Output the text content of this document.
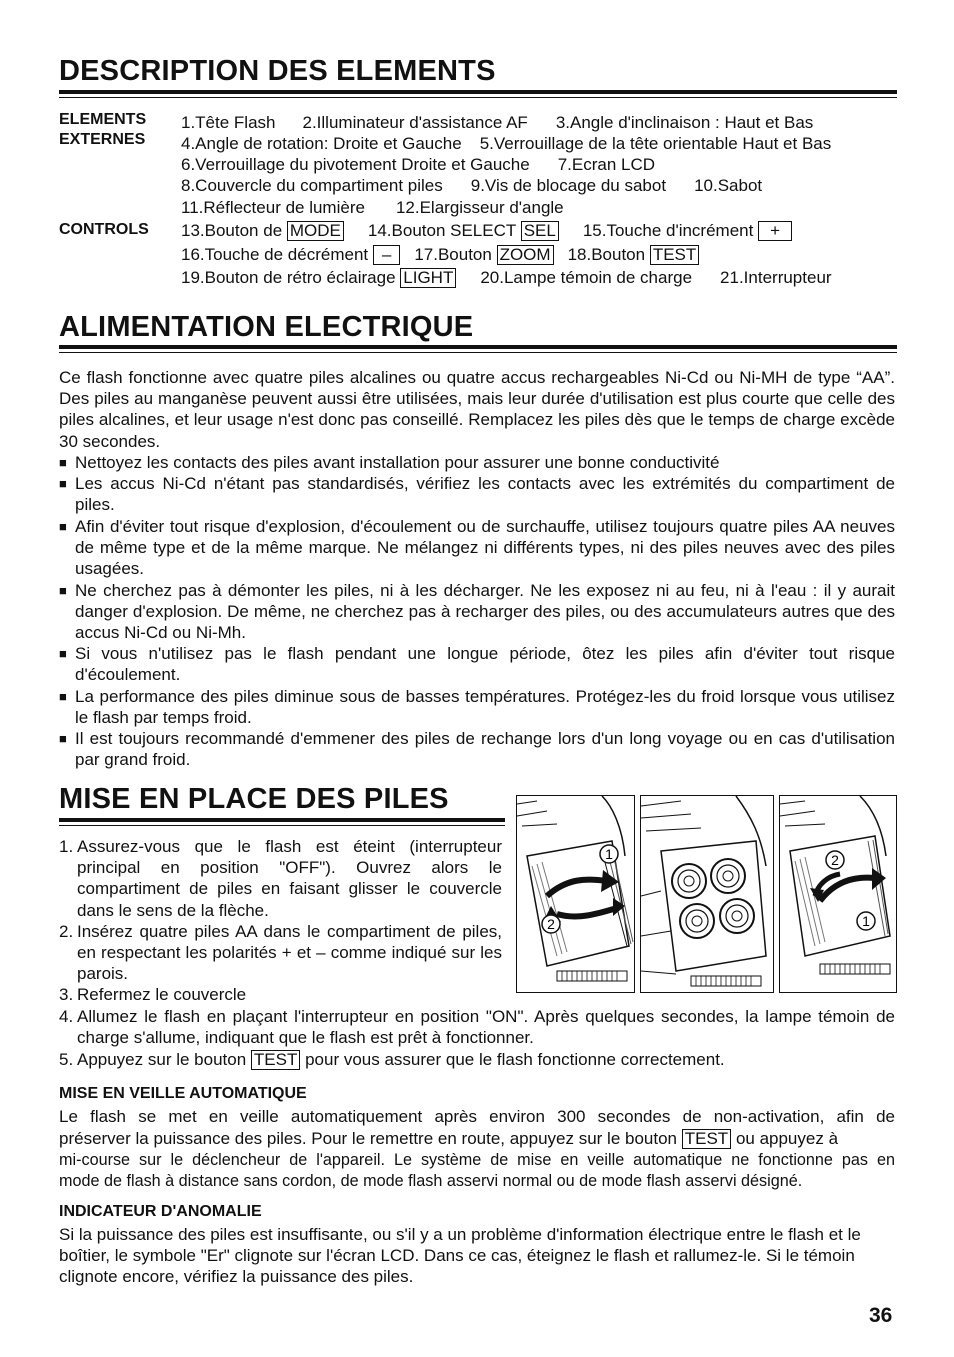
DESCRIPTION DES ELEMENTS
ELEMENTS
EXTERNES
1.Tête Flash 2.Illuminateur d'assistance AF 3.Angle d'inclinaison : Haut et Bas
4.Angle de rotation: Droite et Gauche 5.Verrouillage de la tête orientable Haut et Bas
6.Verrouillage du pivotement Droite et Gauche 7.Ecran LCD
8.Couvercle du compartiment piles 9.Vis de blocage du sabot 10.Sabot
11.Réflecteur de lumière 12.Elargisseur d'angle
CONTROLS 13.Bouton de MODE 14.Bouton SELECT SEL 15.Touche d'incrément +
16.Touche de décrément – 17.Bouton ZOOM 18.Bouton TEST
19.Bouton de rétro éclairage LIGHT 20.Lampe témoin de charge 21.Interrupteur
ALIMENTATION ELECTRIQUE
Ce flash fonctionne avec quatre piles alcalines ou quatre accus rechargeables Ni-Cd ou Ni-MH de type “AA”. Des piles au manganèse peuvent aussi être utilisées, mais leur durée d'utilisation est plus courte que celle des piles alcalines, et leur usage n'est donc pas conseillé. Remplacez les piles dès que le temps de charge excède 30 secondes.
■ Nettoyez les contacts des piles avant installation pour assurer une bonne conductivité
■ Les accus Ni-Cd n'étant pas standardisés, vérifiez les contacts avec les extrémités du compartiment de piles.
■ Afin d'éviter tout risque d'explosion, d'écoulement ou de surchauffe, utilisez toujours quatre piles AA neuves de même type et de la même marque. Ne mélangez ni différents types, ni des piles neuves avec des piles usagées.
■ Ne cherchez pas à démonter les piles, ni à les décharger. Ne les exposez ni au feu, ni à l'eau : il y aurait danger d'explosion. De même, ne cherchez pas à recharger des piles, ou des accumulateurs autres que des accus Ni-Cd ou Ni-Mh.
■ Si vous n'utilisez pas le flash pendant une longue période, ôtez les piles afin d'éviter tout risque d'écoulement.
■ La performance des piles diminue sous de basses températures. Protégez-les du froid lorsque vous utilisez le flash par temps froid.
■ Il est toujours recommandé d'emmener des piles de rechange lors d'un long voyage ou en cas d'utilisation par grand froid.
MISE EN PLACE DES PILES
1. Assurez-vous que le flash est éteint (interrupteur principal en position "OFF"). Ouvrez alors le compartiment de piles en faisant glisser le couvercle dans le sens de la flèche.
2. Insérez quatre piles AA dans le compartiment de piles, en respectant les polarités + et – comme indiqué sur les parois.
3. Refermez le couvercle
4. Allumez le flash en plaçant l'interrupteur en position "ON". Après quelques secondes, la lampe témoin de charge s'allume, indiquant que le flash est prêt à fonctionner.
5. Appuyez sur le bouton TEST pour vous assurer que le flash fonctionne correctement.
1
2
2
1
MISE EN VEILLE AUTOMATIQUE
Le flash se met en veille automatiquement après environ 300 secondes de non-activation, afin de
préserver la puissance des piles. Pour le remettre en route, appuyez sur le bouton TEST ou appuyez à
mi-course sur le déclencheur de l'appareil. Le système de mise en veille automatique ne fonctionne pas en
mode de flash à distance sans cordon, de mode flash asservi normal ou de mode flash asservi désigné.
INDICATEUR D'ANOMALIE
Si la puissance des piles est insuffisante, ou s'il y a un problème d'information électrique entre le flash et le boîtier, le symbole "Er" clignote sur l'écran LCD. Dans ce cas, éteignez le flash et rallumez-le. Si le témoin clignote encore, vérifiez la puissance des piles.
36
